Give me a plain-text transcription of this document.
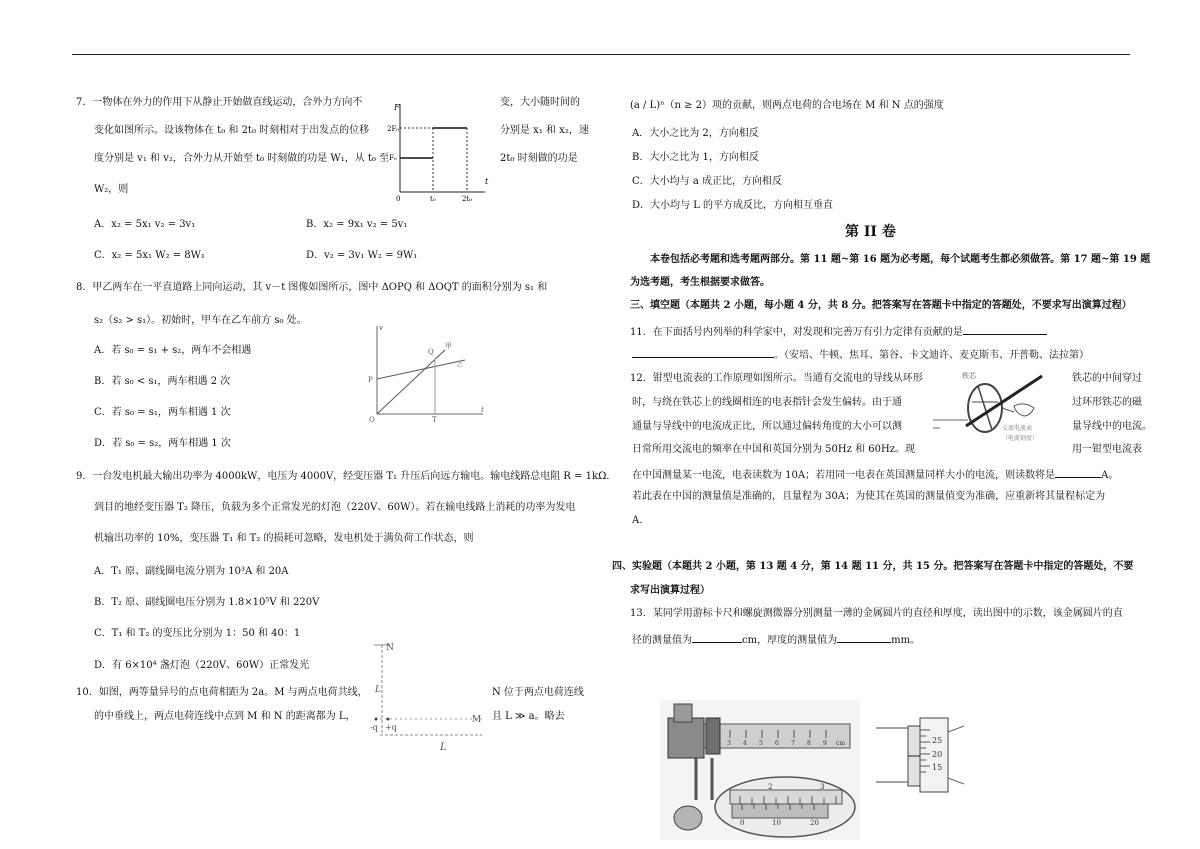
7．一物体在外力的作用下从静止开始做直线运动，合外力方向不	变，大小随时间的
变化如图所示。设该物体在 t₀ 和 2t₀ 时刻相对于出发点的位移	分别是 x₁ 和 x₂，速
度分别是 v₁ 和 v₂，合外力从开始至 t₀ 时刻做的功是 W₁，从 t₀ 至	2t₀ 时刻做的功是
W₂，则
A．x₂ = 5x₁ v₂ = 3v₁	B．x₂ = 9x₁ v₂ = 5v₁
C．x₂ = 5x₁ W₂ = 8W₁	D．v₂ = 3v₁ W₂ = 9W₁
F
2F₀
F₀
0	t₀	2t₀
t
8．甲乙两车在一平直道路上同向运动，其 v－t 图像如图所示，图中 ΔOPQ 和 ΔOQT 的面积分别为 s₁ 和
s₂（s₂ > s₁）。初始时，甲车在乙车前方 s₀ 处。
A．若 s₀ = s₁ + s₂，两车不会相遇
B．若 s₀ < s₁，两车相遇 2 次
C．若 s₀ = s₁，两车相遇 1 次
D．若 s₀ = s₂，两车相遇 1 次
v
甲
乙
Q
P
O	T
t
9．一台发电机最大输出功率为 4000kW，电压为 4000V，经变压器 T₁ 升压后向远方输电。输电线路总电阻 R = 1kΩ．
到目的地经变压器 T₂ 降压，负载为多个正常发光的灯泡（220V、60W）。若在输电线路上消耗的功率为发电
机输出功率的 10%，变压器 T₁ 和 T₂ 的损耗可忽略，发电机处于满负荷工作状态，则
A．T₁ 原、副线圈电流分别为 10³A 和 20A
B．T₂ 原、副线圈电压分别为 1.8×10⁵V 和 220V
C．T₁ 和 T₂ 的变压比分别为 1：50 和 40：1
D．有 6×10⁴ 盏灯泡（220V、60W）正常发光
10．如图，两等量异号的点电荷相距为 2a。M 与两点电荷共线，	N 位于两点电荷连线
的中垂线上，两点电荷连线中点到 M 和 N 的距离都为 L，	且 L ≫ a。略去
N
L
-q +q
M
L
(a / L)ⁿ（n ≥ 2）项的贡献，则两点电荷的合电场在 M 和 N 点的强度
A．大小之比为 2，方向相反
B．大小之比为 1，方向相反
C．大小均与 a 成正比，方向相反
D．大小均与 L 的平方成反比，方向相互垂直
第 II 卷
本卷包括必考题和选考题两部分。第 11 题~第 16 题为必考题，每个试题考生都必须做答。第 17 题~第 19 题
为选考题，考生根据要求做答。
三、填空题（本题共 2 小题，每小题 4 分，共 8 分。把答案写在答题卡中指定的答题处，不要求写出演算过程）
11．在下面括号内列举的科学家中，对发现和完善万有引力定律有贡献的是
。（安培、牛顿、焦耳、第谷、卡文迪许、麦克斯韦、开普勒、法拉第）
12．钳型电流表的工作原理如图所示。当通有交流电的导线从环形	铁芯的中间穿过
时，与绕在铁芯上的线圈相连的电表指针会发生偏转。由于通	过环形铁芯的磁
通量与导线中的电流成正比，所以通过偏转角度的大小可以测	量导线中的电流。
日常所用交流电的频率在中国和英国分别为 50Hz 和 60Hz。现	用一钳型电流表
在中国测量某一电流，电表读数为 10A；若用同一电表在英国测量同样大小的电流，则读数将是	A。
若此表在中国的测量值是准确的，且量程为 30A；为使其在英国的测量值变为准确，应重新将其量程标定为
A.
铁芯
交流电流表
（电流刻度）
四、实验题（本题共 2 小题，第 13 题 4 分，第 14 题 11 分，共 15 分。把答案写在答题卡中指定的答题处，不要
求写出演算过程）
13．某同学用游标卡尺和螺旋测微器分别测量一薄的金属圆片的直径和厚度，读出图中的示数，该金属圆片的直
径的测量值为	cm，厚度的测量值为	mm。
3 4 5 6 7 8 9 cm
2	3
0	10	20
25
20
15
